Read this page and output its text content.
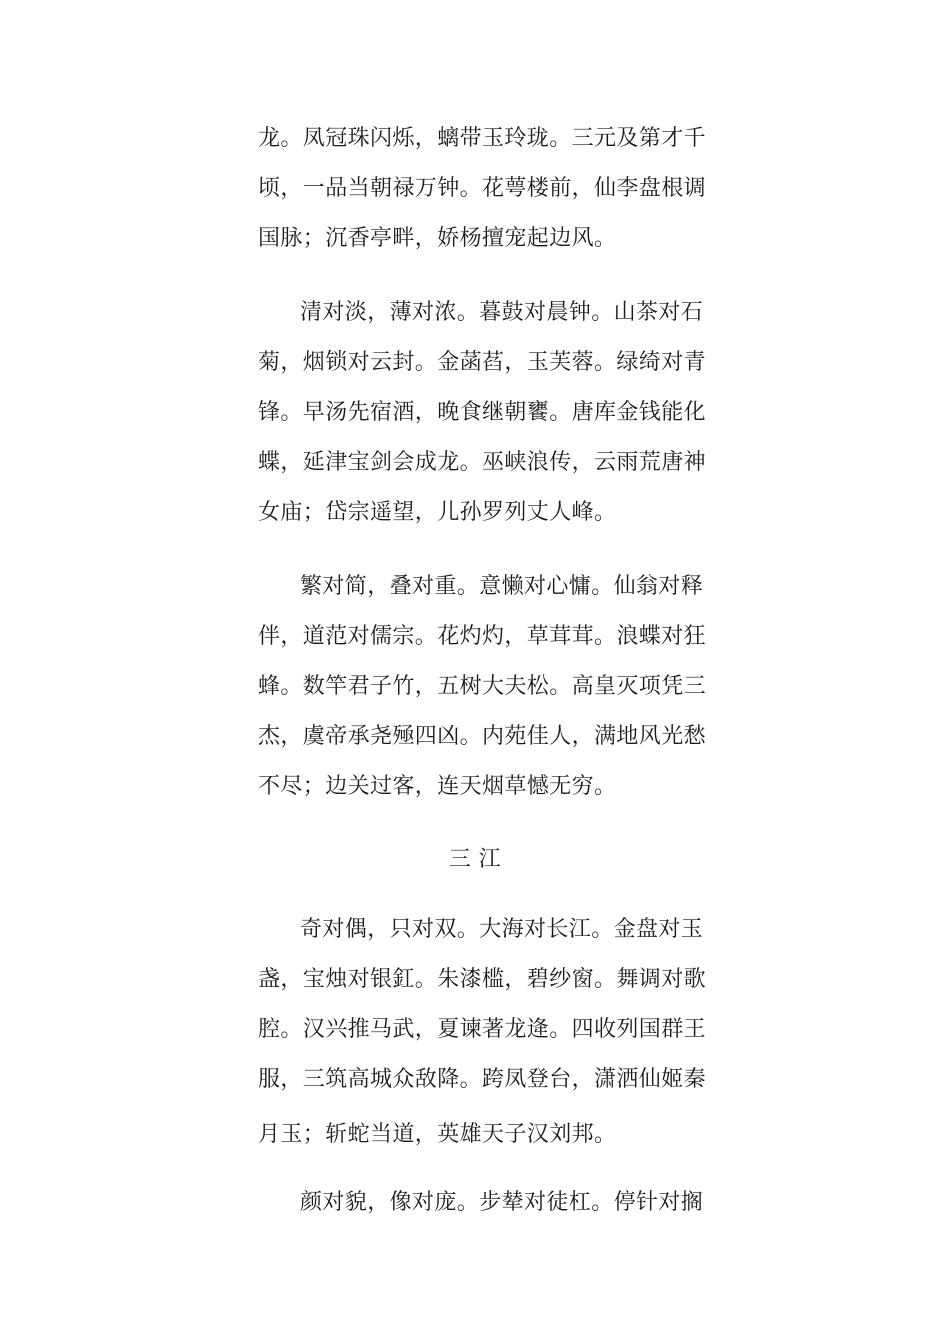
龙。凤冠珠闪烁，螭带玉玲珑。三元及第才千
顷，一品当朝禄万钟。花萼楼前，仙李盘根调
国脉；沉香亭畔，娇杨擅宠起边风。
清对淡，薄对浓。暮鼓对晨钟。山茶对石
菊，烟锁对云封。金菡萏，玉芙蓉。绿绮对青
锋。早汤先宿酒，晚食继朝饔。唐库金钱能化
蝶，延津宝剑会成龙。巫峡浪传，云雨荒唐神
女庙；岱宗遥望，儿孙罗列丈人峰。
繁对简，叠对重。意懒对心慵。仙翁对释
伴，道范对儒宗。花灼灼，草茸茸。浪蝶对狂
蜂。数竿君子竹，五树大夫松。高皇灭项凭三
杰，虞帝承尧殛四凶。内苑佳人，满地风光愁
不尽；边关过客，连天烟草憾无穷。
三 江
奇对偶，只对双。大海对长江。金盘对玉
盏，宝烛对银釭。朱漆槛，碧纱窗。舞调对歌
腔。汉兴推马武，夏谏著龙逄。四收列国群王
服，三筑高城众敌降。跨凤登台，潇洒仙姬秦
月玉；斩蛇当道，英雄天子汉刘邦。
颜对貌，像对庞。步辇对徒杠。停针对搁
